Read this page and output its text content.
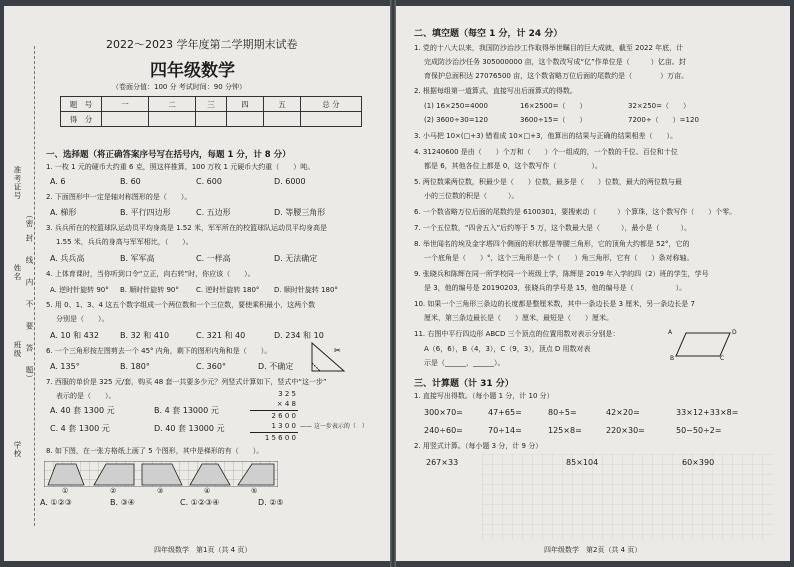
2022～2023 学年度第二学期期末试卷
四年级数学
（卷面分值：100 分 考试时间：90 分钟）
题　号	一	二	三	四	五	总 分
得　分						
准考证号
学校
班级
姓名
（密
封
线
内
不
要
答
题）
一、选择题（将正确答案序号写在括号内，每题 1 分，计 8 分）
1. 一枚 1 元的硬币大约重 6 克，照这样推算，100 万枚 1 元硬币大约重（　　）吨。
A. 6	B. 60	C. 600	D. 6000
2. 下面图形中一定是轴对称图形的是（　　）。
A. 梯形	B. 平行四边形	C. 五边形	D. 等腰三角形
3. 兵兵所在的校篮球队运动员平均身高是 1.52 米，军军所在的校篮球队运动员平均身高是
1.55 米，兵兵的身高与军军相比，（　　）。
A. 兵兵高	B. 军军高	C. 一样高	D. 无法确定
4. 上体育课时，当你听到口令“立正，向右转”时，你应该（　　）。
A. 逆时针旋转 90° B. 顺时针旋转 90° C. 逆时针旋转 180° D. 顺时针旋转 180°
5. 用 0、1、3、4 这五个数字组成一个两位数和一个三位数，要使乘积最小，这两个数
分别是（　　）。
A. 10 和 432	B. 32 和 410	C. 321 和 40	D. 234 和 10
6. 一个三角形按左图剪去一个 45° 内角，剩下的图形内角和是（　　）。
A. 135°	B. 180°	C. 360°	D. 不确定
✂
7. 西服的单价是 325 元/套，购买 48 套一共要多少元？列竖式计算如下，竖式中“这一步”
表示的是（　　）。
A. 40 套 1300 元	B. 4 套 13000 元
C. 4 套 1300 元	D. 40 套 13000 元
3 2 5
× 4 8
2 6 0 0
1 3 0 0
1 5 6 0 0
—— 这一步表示的（　）
8. 如下图，在一张方格纸上画了 5 个图形，其中是梯形的有（　　）。
①	②	③	④	⑤
A. ①②③	B. ③④	C. ①②③④	D. ②⑤
四年级数学　第1页（共 4 页）
二、填空题（每空 1 分，计 24 分）
1. 党的十八大以来，我国防沙治沙工作取得举世瞩目的巨大成就，截至 2022 年底，计
完成防沙治沙任务 305000000 亩，这个数改写成“亿”作单位是（　　　）亿亩。封
育保护总面积达 27076500 亩，这个数省略万位后面的尾数约是（　　　　）万亩。
2. 根据每组第一道算式，直接写出后面算式的得数。
(1) 16×250=4000	16×2500=（　　）	32×250=（　　）
(2) 3600÷30=120	3600÷15=（　　）	7200÷（　　）=120
3. 小马把 10×(□+3) 错看成 10×□+3，他算出的结果与正确的结果相差（　　）。
4. 31240600 是由（　　）个万和（　　）个一组成的，一个数的千位、百位和十位
都是 6，其他各位上都是 0，这个数写作（　　　　　）。
5. 两位数乘两位数，积最少是（　　）位数，最多是（　　）位数，最大的两位数与最
小的三位数的积是（　　　）。
6. 一个数省略万位后面的尾数约是 6100301，要搜索动（　　　）个算珠，这个数写作（　　）个零。
7. 一个五位数，“四舍五入”后约等于 5 万，这个数最大是（　　　），最小是（　　　）。
8. 举世闻名的埃及金字塔四个侧面的形状都是等腰三角形，它的顶角大约都是 52°，它的
一个底角是（　　）°，这个三角形是一个（　　）角三角形，它有（　　）条对称轴。
9. 张晓兵和陈辉在同一所学校同一个班级上学，陈辉是 2019 年入学的四（2）班的学生，学号
是 3，他的编号是 20190203，张晓兵的学号是 15，他的编号是（　　　　　　）。
10. 如果一个三角形三条边的长度都是整厘米数，其中一条边长是 3 厘米，另一条边长是 7
厘米，第三条边最长是（　　）厘米，最短是（　　）厘米。
11. 右图中平行四边形 ABCD 三个顶点的位置用数对表示分别是：
A（6，6），B（4，3），C（9，3），顶点 D 用数对表
示是（______，______）。
A
B	C
D
三、计算题（计 31 分）
1. 直接写出得数。（每小题 1 分，计 10 分）
300×70=	47+65=	80÷5=	42×20=	33×12+33×8=
240÷60=	70÷14=	125×8=	220×30=	50−50÷2=
2. 用竖式计算。（每小题 3 分，计 9 分）
267×33	85×104	60×390
四年级数学　第2页（共 4 页）
